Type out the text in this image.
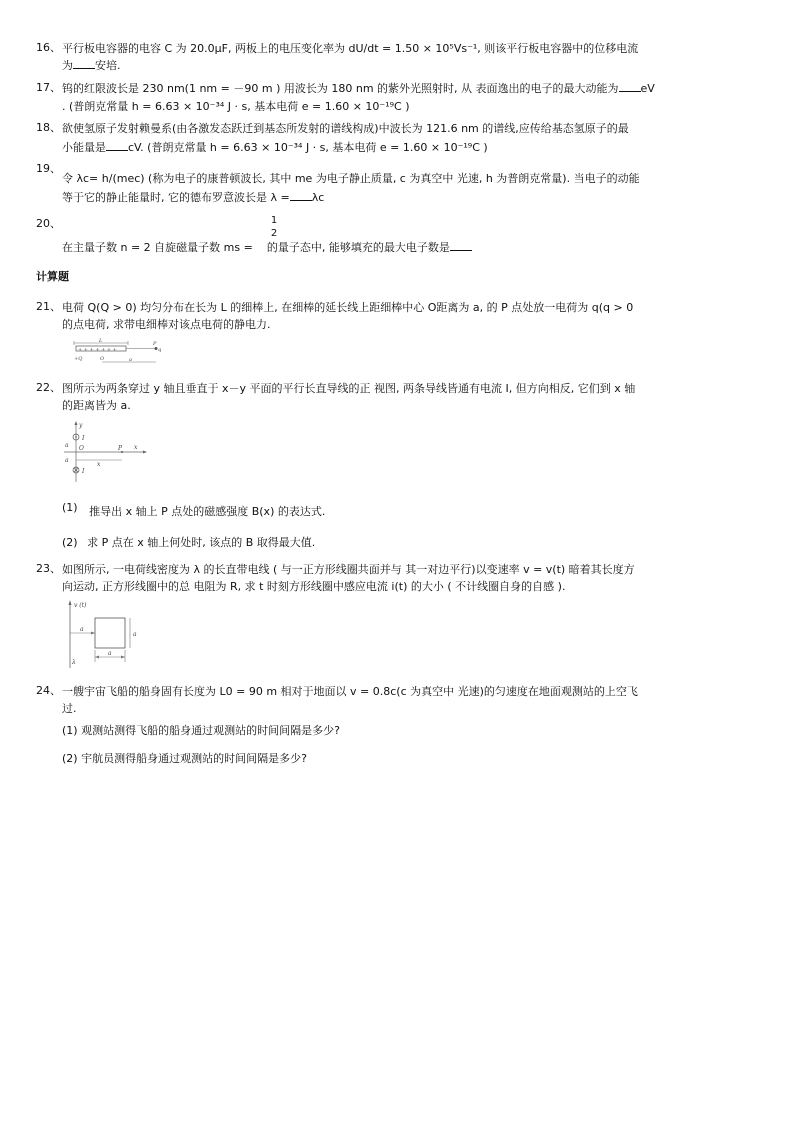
16、 平行板电容器的电容 C 为 20.0μF, 两板上的电压变化率为 dU/dt = 1.50 × 10⁵Vs⁻¹, 则该平行板电容器中的位移电流
为 安培.
17、 钨的红限波长是 230 nm(1 nm = －90 m ) 用波长为 180 nm 的紫外光照射时, 从 表面逸出的电子的最大动能为 eV
. (普朗克常量 h = 6.63 × 10⁻³⁴ J · s, 基本电荷 e = 1.60 × 10⁻¹⁹C )
18、 欲使氢原子发射赖曼系(由各激发态跃迁到基态所发射的谱线构成)中波长为 121.6 nm 的谱线,应传给基态氢原子的最
小能量是 cV. (普朗克常量 h = 6.63 × 10⁻³⁴ J · s, 基本电荷 e = 1.60 × 10⁻¹⁹C )
19、
令 λc= h/(mec) (称为电子的康普顿波长, 其中 me 为电子静止质量, c 为真空中 光速, h 为普朗克常量). 当电子的动能
等于它的静止能量时, 它的德布罗意波长是 λ = λc
20、	1
2
在主量子数 n = 2 自旋磁量子数 ms = 的量子态中, 能够填充的最大电子数是
计算题
21、 电荷 Q(Q > 0) 均匀分布在长为 L 的细棒上, 在细棒的延长线上距细棒中心 O距离为 a, 的 P 点处放一电荷为 q(q > 0
的点电荷, 求带电细棒对该点电荷的静电力.
L
+ + + + + + +
P
q
+Q	O	a
22、 图所示为两条穿过 y 轴且垂直于 x－y 平面的平行长直导线的正 视图, 两条导线皆通有电流 I, 但方向相反, 它们到 x 轴
的距离皆为 a.
y
x
I
I
a
a
O	P
x
(1) 推导出 x 轴上 P 点处的磁感强度 B(x) 的表达式.
(2) 求 P 点在 x 轴上何处时, 该点的 B 取得最大值.
23、 如图所示, 一电荷线密度为 λ 的长直带电线 ( 与一正方形线圈共面并与 其一对边平行)以变速率 v = v(t) 暗着其长度方
向运动, 正方形线圈中的总 电阻为 R, 求 t 时刻方形线圈中感应电流 i(t) 的大小 ( 不计线圈自身的自感 ).
v (t)
λ
a
a
a
24、 一艘宇宙飞船的船身固有长度为 L0 = 90 m 相对于地面以 v = 0.8c(c 为真空中 光速)的匀速度在地面观测站的上空飞
过.
(1) 观测站测得飞船的船身通过观测站的时间间隔是多少?
(2) 宇航员测得船身通过观测站的时间间隔是多少?
